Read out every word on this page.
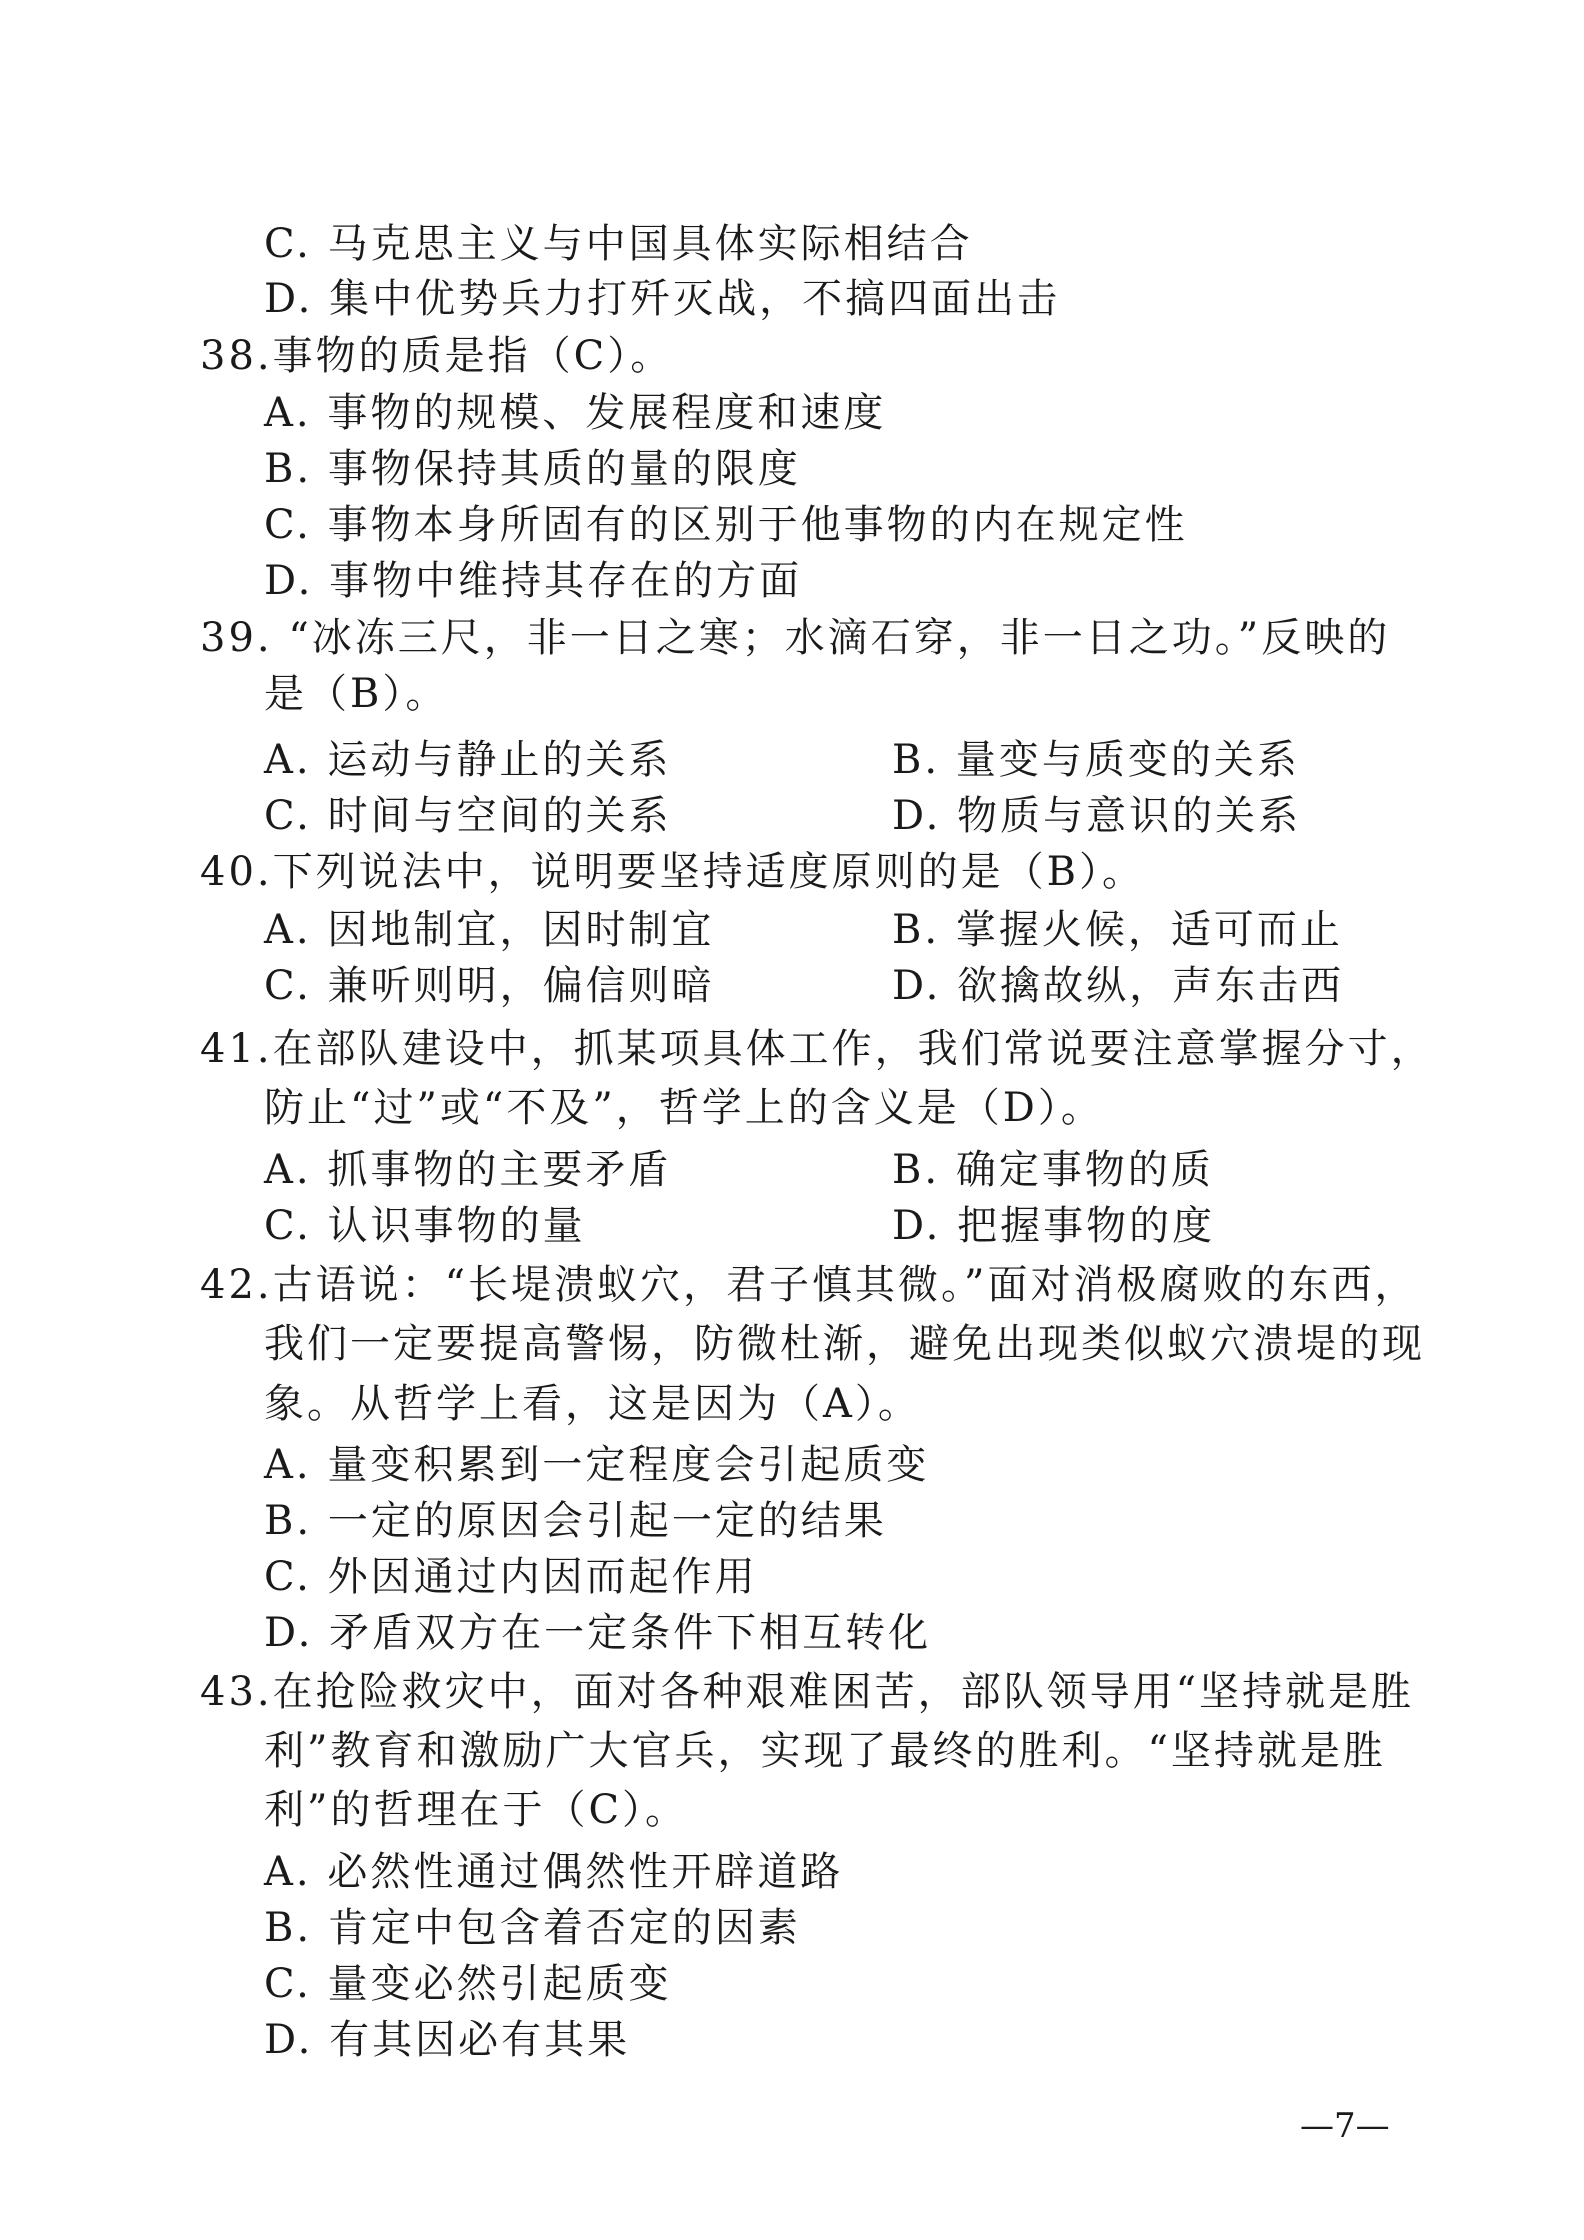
C. 马克思主义与中国具体实际相结合
D. 集中优势兵力打歼灭战，不搞四面出击
38.事物的质是指（C）。
A. 事物的规模、发展程度和速度
B. 事物保持其质的量的限度
C. 事物本身所固有的区别于他事物的内在规定性
D. 事物中维持其存在的方面
39. “冰冻三尺，非一日之寒；水滴石穿，非一日之功。”反映的
是（B）。
A. 运动与静止的关系	B. 量变与质变的关系
C. 时间与空间的关系	D. 物质与意识的关系
40.下列说法中，说明要坚持适度原则的是（B）。
A. 因地制宜，因时制宜	B. 掌握火候，适可而止
C. 兼听则明，偏信则暗	D. 欲擒故纵，声东击西
41.在部队建设中，抓某项具体工作，我们常说要注意掌握分寸，
防止“过”或“不及”，哲学上的含义是（D）。
A. 抓事物的主要矛盾	B. 确定事物的质
C. 认识事物的量	D. 把握事物的度
42.古语说：“长堤溃蚁穴，君子慎其微。”面对消极腐败的东西，
我们一定要提高警惕，防微杜渐，避免出现类似蚁穴溃堤的现
象。从哲学上看，这是因为（A）。
A. 量变积累到一定程度会引起质变
B. 一定的原因会引起一定的结果
C. 外因通过内因而起作用
D. 矛盾双方在一定条件下相互转化
43.在抢险救灾中，面对各种艰难困苦，部队领导用“坚持就是胜
利”教育和激励广大官兵，实现了最终的胜利。“坚持就是胜
利”的哲理在于（C）。
A. 必然性通过偶然性开辟道路
B. 肯定中包含着否定的因素
C. 量变必然引起质变
D. 有其因必有其果
—7—
